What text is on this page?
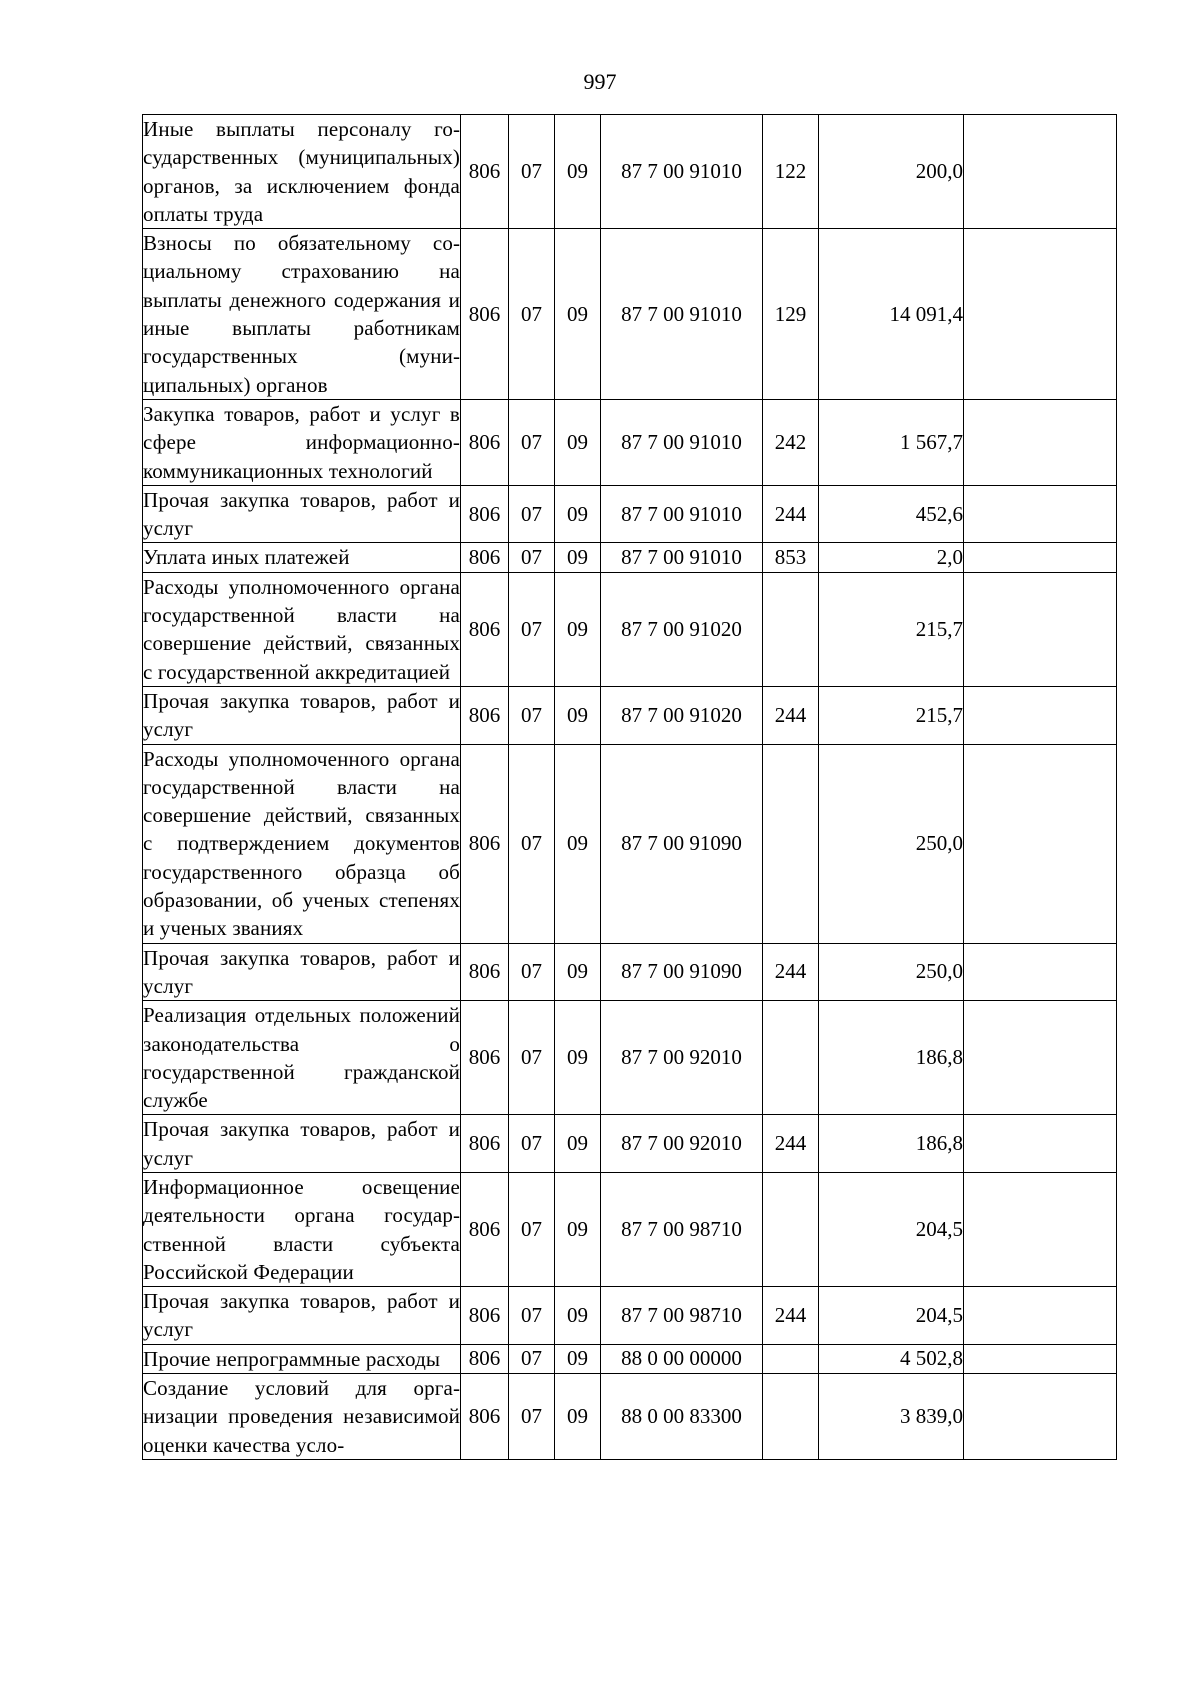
997
Иные выплаты персоналу государственных (муниципальных) органов, за исключением фонда оплаты труда	806	07	09	87 7 00 91010	122	200,0	
Взносы по обязательному социальному страхованию на выплаты денежного содержания и иные выплаты работникам государственных (муниципальных) органов	806	07	09	87 7 00 91010	129	14 091,4	
Закупка товаров, работ и услуг в сфере информационно-коммуникационных технологий	806	07	09	87 7 00 91010	242	1 567,7	
Прочая закупка товаров, работ и услуг	806	07	09	87 7 00 91010	244	452,6	
Уплата иных платежей	806	07	09	87 7 00 91010	853	2,0	
Расходы уполномоченного органа государственной власти на совершение действий, связанных с государственной аккредитацией	806	07	09	87 7 00 91020		215,7	
Прочая закупка товаров, работ и услуг	806	07	09	87 7 00 91020	244	215,7	
Расходы уполномоченного органа государственной власти на совершение действий, связанных с подтверждением документов государственного образца об образовании, об ученых степенях и ученых званиях	806	07	09	87 7 00 91090		250,0	
Прочая закупка товаров, работ и услуг	806	07	09	87 7 00 91090	244	250,0	
Реализация отдельных положений законодательства о государственной гражданской службе	806	07	09	87 7 00 92010		186,8	
Прочая закупка товаров, работ и услуг	806	07	09	87 7 00 92010	244	186,8	
Информационное освещение деятельности органа государственной власти субъекта Российской Федерации	806	07	09	87 7 00 98710		204,5	
Прочая закупка товаров, работ и услуг	806	07	09	87 7 00 98710	244	204,5	
Прочие непрограммные расходы	806	07	09	88 0 00 00000		4 502,8	
Создание условий для организации проведения независимой оценки качества усло-	806	07	09	88 0 00 83300		3 839,0	
